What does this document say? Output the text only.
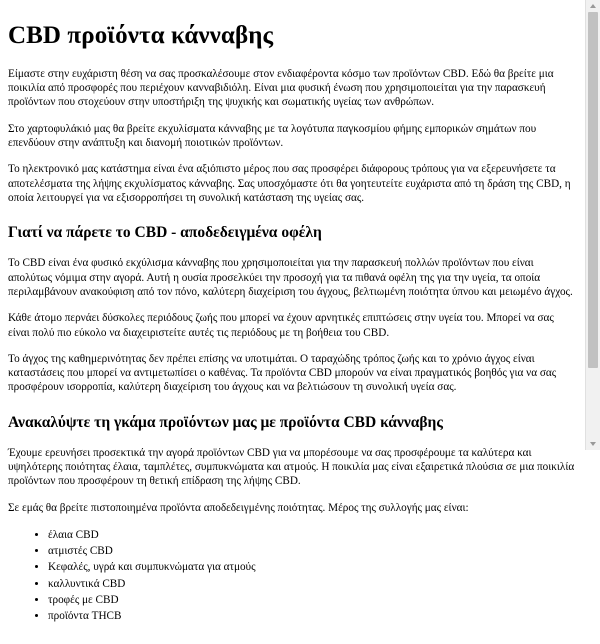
CBD προϊόντα κάνναβης

Είμαστε στην ευχάριστη θέση να σας προσκαλέσουμε στον ενδιαφέροντα κόσμο των προϊόντων CBD. Εδώ θα βρείτε μια ποικιλία από προσφορές που περιέχουν κανναβιδιόλη. Είναι μια φυσική ένωση που χρησιμοποιείται για την παρασκευή προϊόντων που στοχεύουν στην υποστήριξη της ψυχικής και σωματικής υγείας των ανθρώπων.

Στο χαρτοφυλάκιό μας θα βρείτε εκχυλίσματα κάνναβης με τα λογότυπα παγκοσμίου φήμης εμπορικών σημάτων που επενδύουν στην ανάπτυξη και διανομή ποιοτικών προϊόντων.

Το ηλεκτρονικό μας κατάστημα είναι ένα αξιόπιστο μέρος που σας προσφέρει διάφορους τρόπους για να εξερευνήσετε τα αποτελέσματα της λήψης εκχυλίσματος κάνναβης. Σας υποσχόμαστε ότι θα γοητευτείτε ευχάριστα από τη δράση της CBD, η οποία λειτουργεί για να εξισορροπήσει τη συνολική κατάσταση της υγείας σας.

Γιατί να πάρετε το CBD - αποδεδειγμένα οφέλη

Το CBD είναι ένα φυσικό εκχύλισμα κάνναβης που χρησιμοποιείται για την παρασκευή πολλών προϊόντων που είναι απολύτως νόμιμα στην αγορά. Αυτή η ουσία προσελκύει την προσοχή για τα πιθανά οφέλη της για την υγεία, τα οποία περιλαμβάνουν ανακούφιση από τον πόνο, καλύτερη διαχείριση του άγχους, βελτιωμένη ποιότητα ύπνου και μειωμένο άγχος.

Κάθε άτομο περνάει δύσκολες περιόδους ζωής που μπορεί να έχουν αρνητικές επιπτώσεις στην υγεία του. Μπορεί να σας είναι πολύ πιο εύκολο να διαχειριστείτε αυτές τις περιόδους με τη βοήθεια του CBD.

Το άγχος της καθημερινότητας δεν πρέπει επίσης να υποτιμάται. Ο ταραχώδης τρόπος ζωής και το χρόνιο άγχος είναι καταστάσεις που μπορεί να αντιμετωπίσει ο καθένας. Τα προϊόντα CBD μπορούν να είναι πραγματικός βοηθός για να σας προσφέρουν ισορροπία, καλύτερη διαχείριση του άγχους και να βελτιώσουν τη συνολική υγεία σας.

Ανακαλύψτε τη γκάμα προϊόντων μας με προϊόντα CBD κάνναβης

Έχουμε ερευνήσει προσεκτικά την αγορά προϊόντων CBD για να μπορέσουμε να σας προσφέρουμε τα καλύτερα και υψηλότερης ποιότητας έλαια, ταμπλέτες, συμπυκνώματα και ατμούς. Η ποικιλία μας είναι εξαιρετικά πλούσια σε μια ποικιλία προϊόντων που προσφέρουν τη θετική επίδραση της λήψης CBD.

Σε εμάς θα βρείτε πιστοποιημένα προϊόντα αποδεδειγμένης ποιότητας. Μέρος της συλλογής μας είναι:

• έλαια CBD
• ατμιστές CBD
• Κεφαλές, υγρά και συμπυκνώματα για ατμούς
• καλλυντικά CBD
• τροφές με CBD
• προϊόντα THCB
